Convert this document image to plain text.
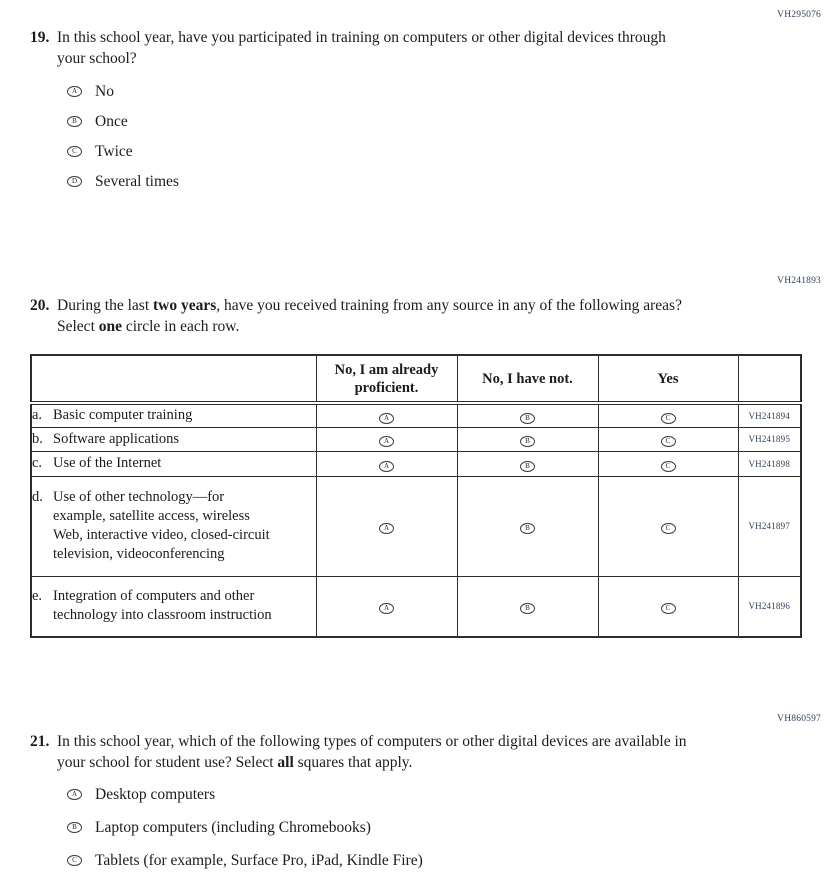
VH295076
VH241893
VH860597
19. In this school year, have you participated in training on computers or other digital devices through your school?

A No
B Once
C Twice
D Several times
20. During the last two years, have you received training from any source in any of the following areas? Select one circle in each row.

	No, I am already proficient.	No, I have not.	Yes	

a. Basic computer training	A	B	C	VH241894

b. Software applications	A	B	C	VH241895

c. Use of the Internet	A	B	C	VH241898

d. Use of other technology—for example, satellite access, wireless Web, interactive video, closed-circuit television, videoconferencing	A	B	C	VH241897

e. Integration of computers and other technology into classroom instruction	A	B	C	VH241896
21. In this school year, which of the following types of computers or other digital devices are available in your school for student use? Select all squares that apply.

A Desktop computers
B Laptop computers (including Chromebooks)
C Tablets (for example, Surface Pro, iPad, Kindle Fire)
